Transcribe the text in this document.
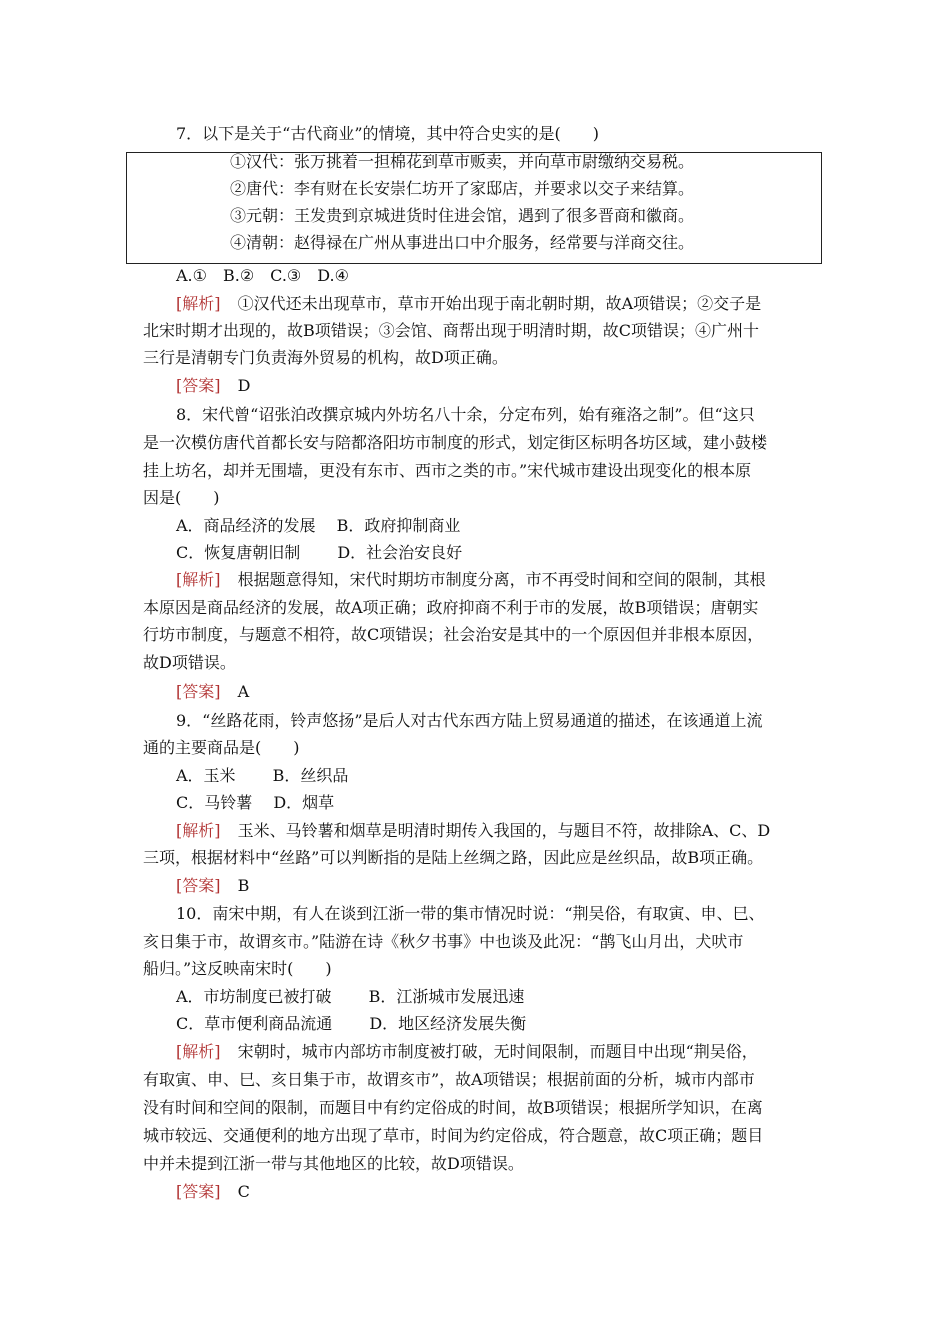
7．以下是关于“古代商业”的情境，其中符合史实的是(　　)
①汉代：张万挑着一担棉花到草市贩卖，并向草市尉缴纳交易税。
②唐代：李有财在长安崇仁坊开了家邸店，并要求以交子来结算。
③元朝：王发贵到京城进货时住进会馆，遇到了很多晋商和徽商。
④清朝：赵得禄在广州从事进出口中介服务，经常要与洋商交往。
A.①　B.②　C.③　D.④
[解析] ①汉代还未出现草市，草市开始出现于南北朝时期，故A项错误；②交子是
北宋时期才出现的，故B项错误；③会馆、商帮出现于明清时期，故C项错误；④广州十
三行是清朝专门负责海外贸易的机构，故D项正确。
[答案] D
8．宋代曾“诏张泊改撰京城内外坊名八十余，分定布列，始有雍洛之制”。但“这只
是一次模仿唐代首都长安与陪都洛阳坊市制度的形式，划定街区标明各坊区域，建小鼓楼
挂上坊名，却并无围墙，更没有东市、西市之类的市。”宋代城市建设出现变化的根本原
因是(　　)
A．商品经济的发展　 B．政府抑制商业
C．恢复唐朝旧制　　 D．社会治安良好
[解析] 根据题意得知，宋代时期坊市制度分离，市不再受时间和空间的限制，其根
本原因是商品经济的发展，故A项正确；政府抑商不利于市的发展，故B项错误；唐朝实
行坊市制度，与题意不相符，故C项错误；社会治安是其中的一个原因但并非根本原因，
故D项错误。
[答案] A
9．“丝路花雨，铃声悠扬”是后人对古代东西方陆上贸易通道的描述，在该通道上流
通的主要商品是(　　)
A．玉米　　 B．丝织品
C．马铃薯　 D．烟草
[解析] 玉米、马铃薯和烟草是明清时期传入我国的，与题目不符，故排除A、C、D
三项，根据材料中“丝路”可以判断指的是陆上丝绸之路，因此应是丝织品，故B项正确。
[答案] B
10．南宋中期，有人在谈到江浙一带的集市情况时说：“荆吴俗，有取寅、申、巳、
亥日集于市，故谓亥市。”陆游在诗《秋夕书事》中也谈及此况：“鹊飞山月出，犬吠市
船归。”这反映南宋时(　　)
A．市坊制度已被打破　　 B．江浙城市发展迅速
C．草市便利商品流通　　 D．地区经济发展失衡
[解析] 宋朝时，城市内部坊市制度被打破，无时间限制，而题目中出现“荆吴俗，
有取寅、申、巳、亥日集于市，故谓亥市”，故A项错误；根据前面的分析，城市内部市
没有时间和空间的限制，而题目中有约定俗成的时间，故B项错误；根据所学知识，在离
城市较远、交通便利的地方出现了草市，时间为约定俗成，符合题意，故C项正确；题目
中并未提到江浙一带与其他地区的比较，故D项错误。
[答案] C
